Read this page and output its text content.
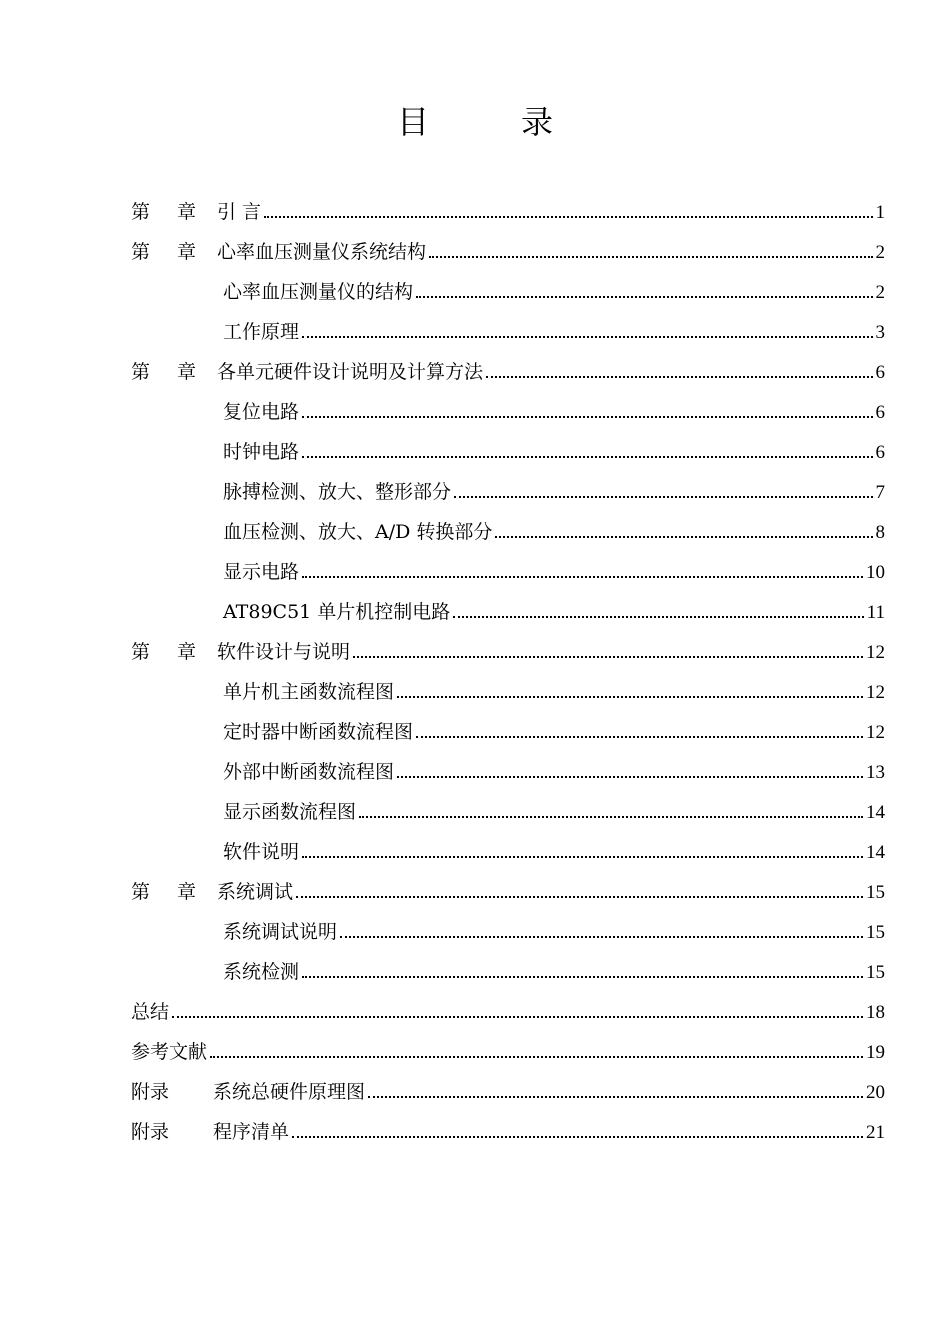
目　录
第 章	引 言	1
第 章	心率血压测量仪系统结构	2
心率血压测量仪的结构	2
工作原理	3
第 章	各单元硬件设计说明及计算方法	6
复位电路	6
时钟电路	6
脉搏检测、放大、整形部分	7
血压检测、放大、A/D 转换部分	8
显示电路	10
AT89C51 单片机控制电路	11
第 章	软件设计与说明	12
单片机主函数流程图	12
定时器中断函数流程图	12
外部中断函数流程图	13
显示函数流程图	14
软件说明	14
第 章	系统调试	15
系统调试说明	15
系统检测	15
总结	18
参考文献	19
附录	系统总硬件原理图	20
附录	程序清单	21
